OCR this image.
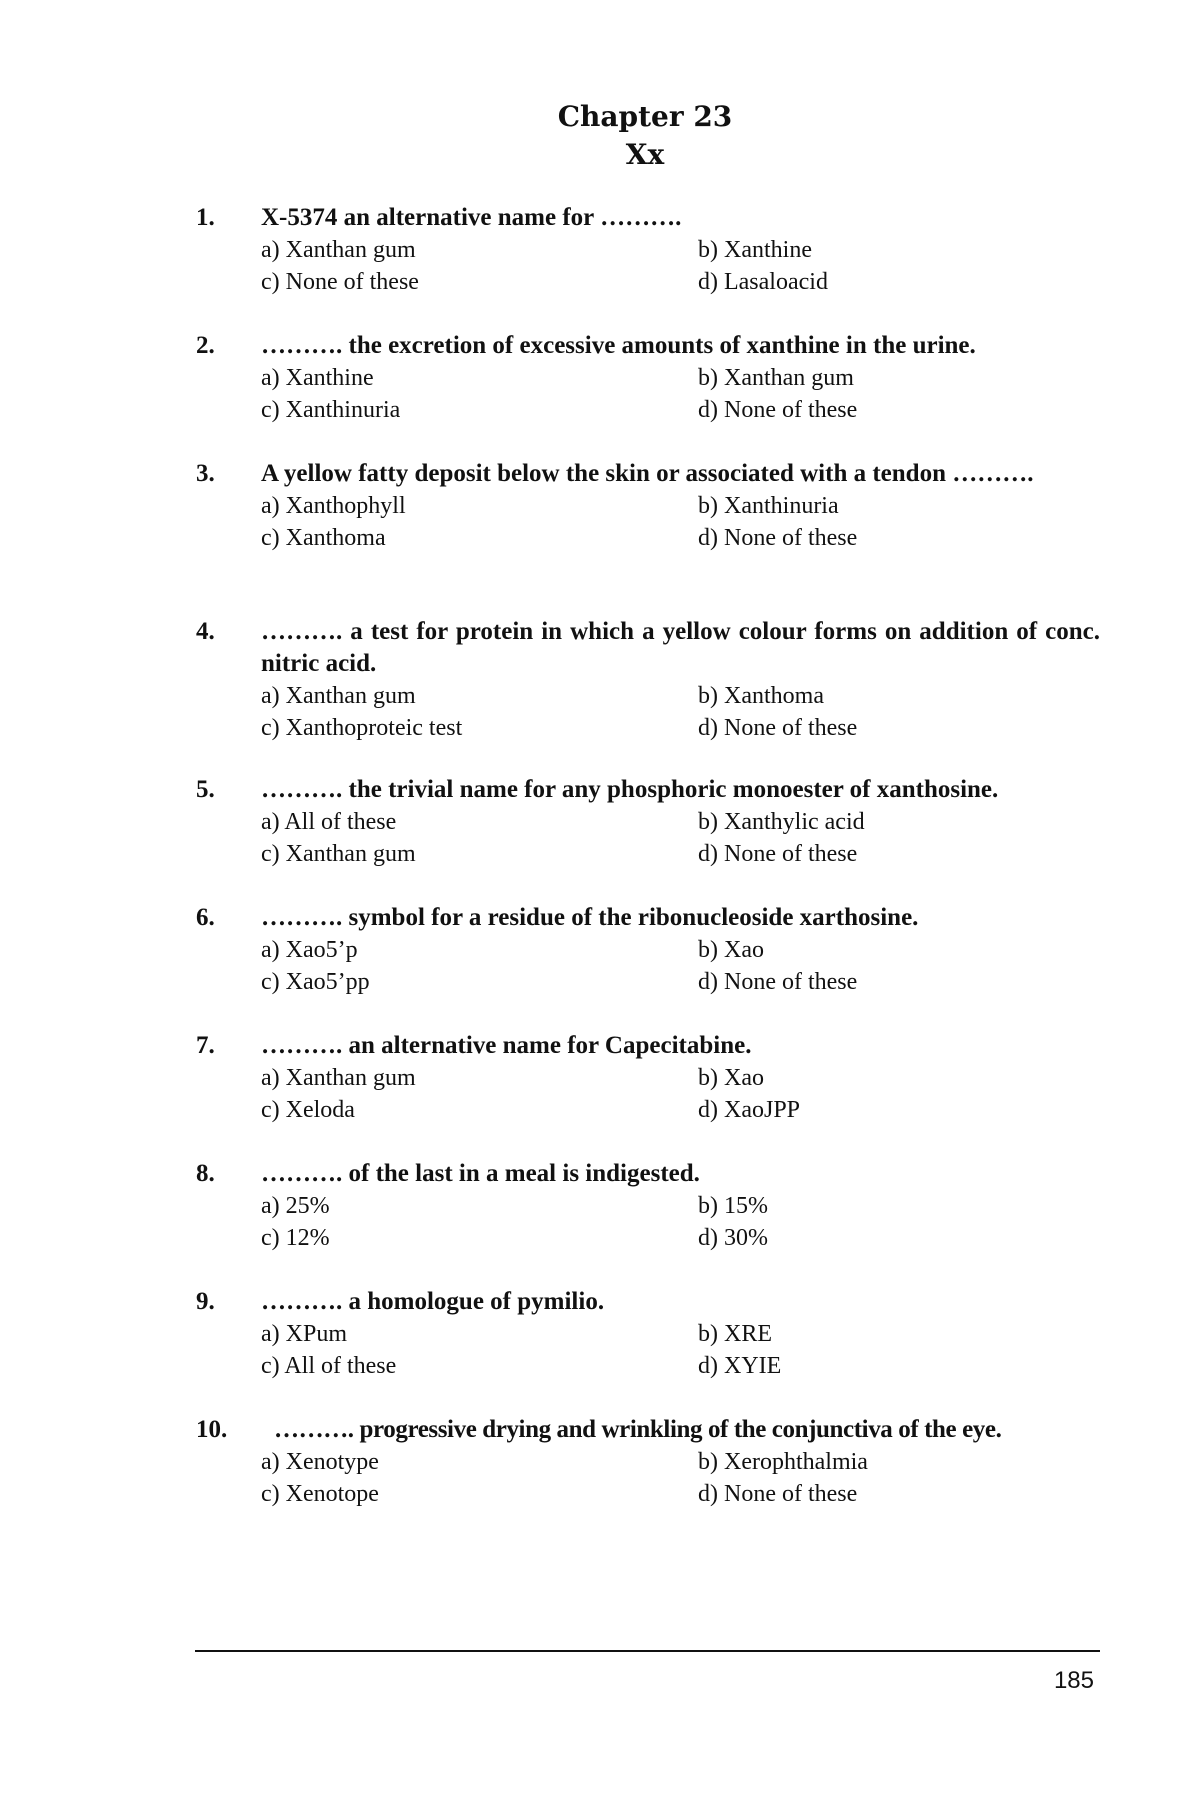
Chapter 23
Xx
1. X-5374 an alternative name for ……….
a) Xanthan gum	b) Xanthine
c) None of these	d) Lasaloacid
2. ………. the excretion of excessive amounts of xanthine in the urine.
a) Xanthine	b) Xanthan gum
c) Xanthinuria	d) None of these
3. A yellow fatty deposit below the skin or associated with a tendon ……….
a) Xanthophyll	b) Xanthinuria
c) Xanthoma	d) None of these
4. ………. a test for protein in which a yellow colour forms on addition of conc. nitric acid.
a) Xanthan gum	b) Xanthoma
c) Xanthoproteic test	d) None of these
5. ………. the trivial name for any phosphoric monoester of xanthosine.
a) All of these	b) Xanthylic acid
c) Xanthan gum	d) None of these
6. ………. symbol for a residue of the ribonucleoside xarthosine.
a) Xao5’p	b) Xao
c) Xao5’pp	d) None of these
7. ………. an alternative name for Capecitabine.
a) Xanthan gum	b) Xao
c) Xeloda	d) XaoJPP
8. ………. of the last in a meal is indigested.
a) 25%	b) 15%
c) 12%	d) 30%
9. ………. a homologue of pymilio.
a) XPum	b) XRE
c) All of these	d) XYIE
10. ………. progressive drying and wrinkling of the conjunctiva of the eye.
a) Xenotype	b) Xerophthalmia
c) Xenotope	d) None of these
185
